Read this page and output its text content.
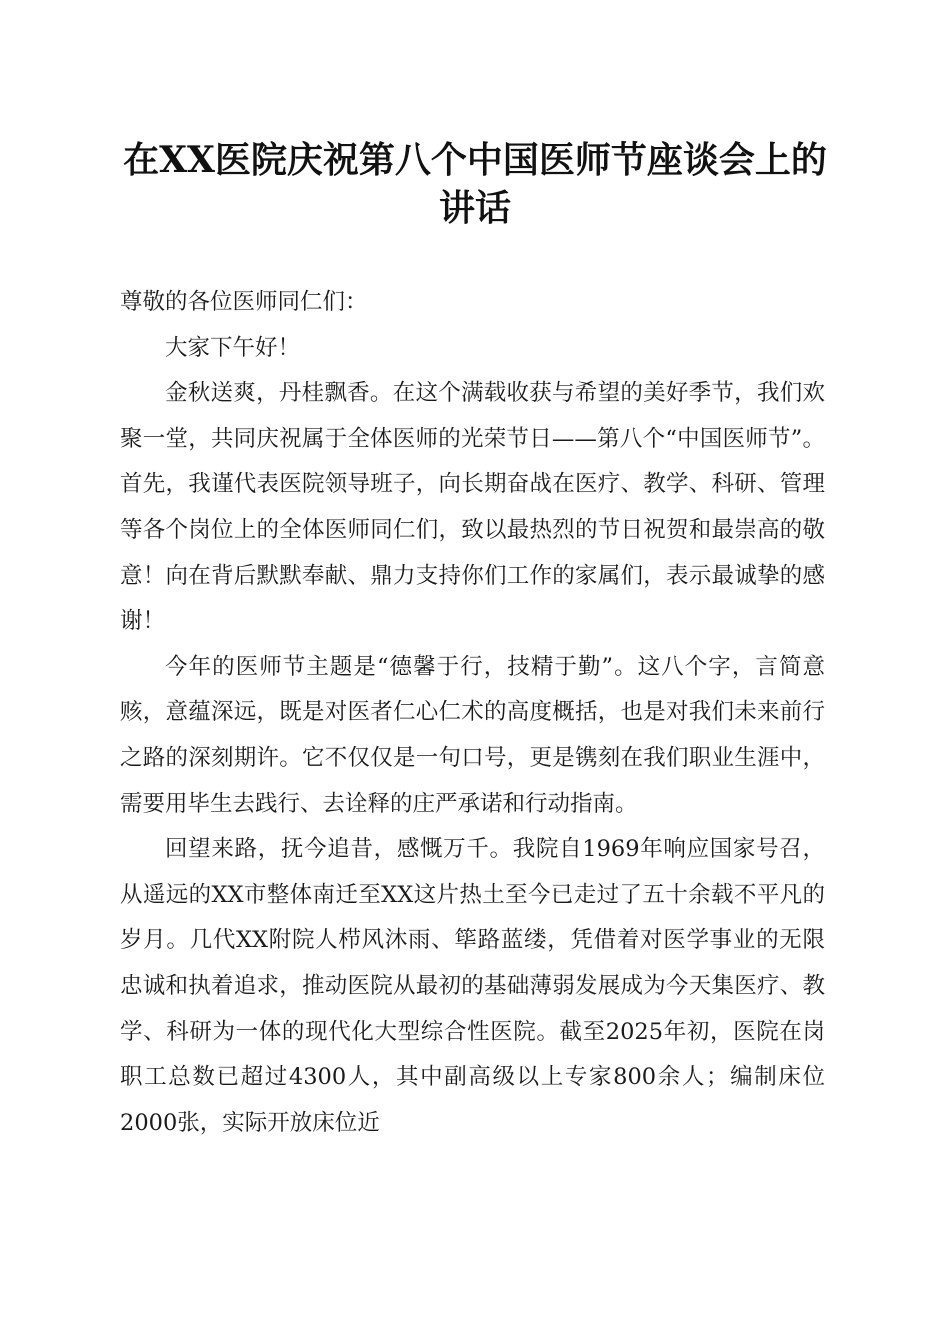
在XX医院庆祝第八个中国医师节座谈会上的
讲话

尊敬的各位医师同仁们：

大家下午好！

金秋送爽，丹桂飘香。在这个满载收获与希望的美好季节，我们欢聚一堂，共同庆祝属于全体医师的光荣节日——第八个“中国医师节”。首先，我谨代表医院领导班子，向长期奋战在医疗、教学、科研、管理等各个岗位上的全体医师同仁们，致以最热烈的节日祝贺和最崇高的敬意！向在背后默默奉献、鼎力支持你们工作的家属们，表示最诚挚的感谢！

今年的医师节主题是“德馨于行，技精于勤”。这八个字，言简意赅，意蕴深远，既是对医者仁心仁术的高度概括，也是对我们未来前行之路的深刻期许。它不仅仅是一句口号，更是镌刻在我们职业生涯中，需要用毕生去践行、去诠释的庄严承诺和行动指南。

回望来路，抚今追昔，感慨万千。我院自1969年响应国家号召，从遥远的XX市整体南迁至XX这片热土至今已走过了五十余载不平凡的岁月。几代XX附院人栉风沐雨、筚路蓝缕，凭借着对医学事业的无限忠诚和执着追求，推动医院从最初的基础薄弱发展成为今天集医疗、教学、科研为一体的现代化大型综合性医院。截至2025年初，医院在岗职工总数已超过4300人，其中副高级以上专家800余人；编制床位2000张，实际开放床位近
